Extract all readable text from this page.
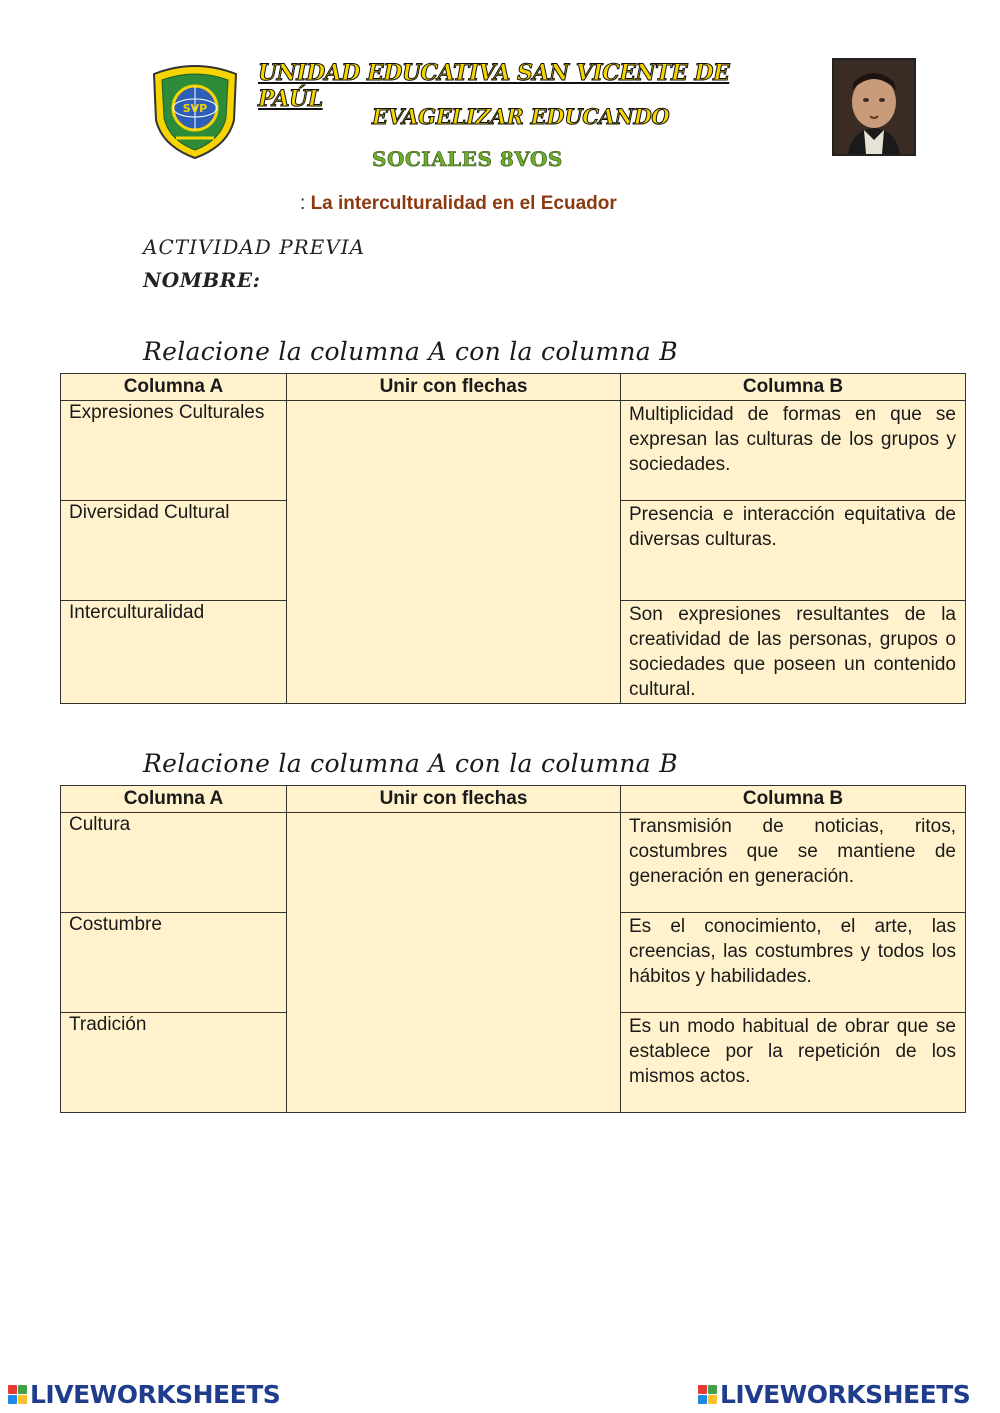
SVP
UNIDAD EDUCATIVA SAN VICENTE DE PAÚL
EVAGELIZAR EDUCANDO
SOCIALES 8VOS
: La interculturalidad en el Ecuador
ACTIVIDAD PREVIA
NOMBRE:
Relacione la columna A con la columna B
Columna A	Unir con flechas	Columna B
Expresiones Culturales		Multiplicidad de formas en que se expresan las culturas de los grupos y sociedades.
Diversidad Cultural		Presencia e interacción equitativa de diversas culturas.
Interculturalidad		Son expresiones resultantes de la creatividad de las personas, grupos o sociedades que poseen un contenido cultural.
Relacione la columna A con la columna B
Columna A	Unir con flechas	Columna B
Cultura		Transmisión de noticias, ritos, costumbres que se mantiene de generación en generación.
Costumbre		Es el conocimiento, el arte, las creencias, las costumbres y todos los hábitos y habilidades.
Tradición		Es un modo habitual de obrar que se establece por la repetición de los mismos actos.
LIVEWORKSHEETS	LIVEWORKSHEETS
